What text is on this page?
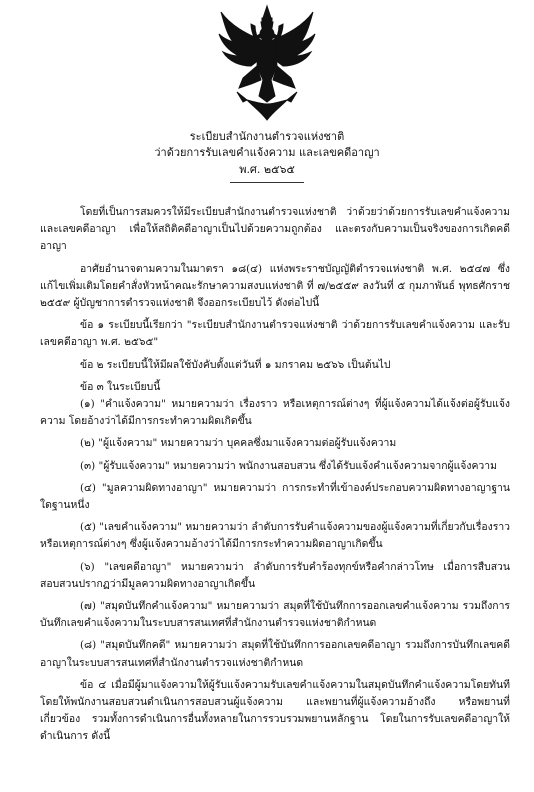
ระเบียบสำนักงานตำรวจแห่งชาติ
ว่าด้วยการรับเลขคำแจ้งความ และเลขคดีอาญา
พ.ศ. ๒๕๖๕

โดยที่เป็นการสมควรให้มีระเบียบสำนักงานตำรวจแห่งชาติ ว่าด้วยว่าด้วยการรับเลขคำแจ้งความ และเลขคดีอาญา เพื่อให้สถิติคดีอาญาเป็นไปด้วยความถูกต้อง และตรงกับความเป็นจริงของการเกิดคดีอาญา

อาศัยอำนาจตามความในมาตรา ๑๘(๔) แห่งพระราชบัญญัติตำรวจแห่งชาติ พ.ศ. ๒๕๔๗ ซึ่งแก้ไขเพิ่มเติมโดยคำสั่งหัวหน้าคณะรักษาความสงบแห่งชาติ ที่ ๗/๒๕๕๙ ลงวันที่ ๕ กุมภาพันธ์ พุทธศักราช ๒๕๕๙ ผู้บัญชาการตำรวจแห่งชาติ จึงออกระเบียบไว้ ดังต่อไปนี้

ข้อ ๑ ระเบียบนี้เรียกว่า "ระเบียบสำนักงานตำรวจแห่งชาติ ว่าด้วยการรับเลขคำแจ้งความ และรับเลขคดีอาญา พ.ศ. ๒๕๖๕"

ข้อ ๒ ระเบียบนี้ให้มีผลใช้บังคับตั้งแต่วันที่ ๑ มกราคม ๒๕๖๖ เป็นต้นไป

ข้อ ๓ ในระเบียบนี้

(๑) "คำแจ้งความ" หมายความว่า เรื่องราว หรือเหตุการณ์ต่างๆ ที่ผู้แจ้งความได้แจ้งต่อผู้รับแจ้งความ โดยอ้างว่าได้มีการกระทำความผิดเกิดขึ้น

(๒) "ผู้แจ้งความ" หมายความว่า บุคคลซึ่งมาแจ้งความต่อผู้รับแจ้งความ

(๓) "ผู้รับแจ้งความ" หมายความว่า พนักงานสอบสวน ซึ่งได้รับแจ้งคำแจ้งความจากผู้แจ้งความ

(๔) "มูลความผิดทางอาญา" หมายความว่า การกระทำที่เข้าองค์ประกอบความผิดทางอาญาฐานใดฐานหนึ่ง

(๕) "เลขคำแจ้งความ" หมายความว่า ลำดับการรับคำแจ้งความของผู้แจ้งความที่เกี่ยวกับเรื่องราว หรือเหตุการณ์ต่างๆ ซึ่งผู้แจ้งความอ้างว่าได้มีการกระทำความผิดอาญาเกิดขึ้น

(๖) "เลขคดีอาญา" หมายความว่า ลำดับการรับคำร้องทุกข์หรือคำกล่าวโทษ เมื่อการสืบสวนสอบสวนปรากฏว่ามีมูลความผิดทางอาญาเกิดขึ้น

(๗) "สมุดบันทึกคำแจ้งความ" หมายความว่า สมุดที่ใช้บันทึกการออกเลขคำแจ้งความ รวมถึงการบันทึกเลขคำแจ้งความในระบบสารสนเทศที่สำนักงานตำรวจแห่งชาติกำหนด

(๘) "สมุดบันทึกคดี" หมายความว่า สมุดที่ใช้บันทึกการออกเลขคดีอาญา รวมถึงการบันทึกเลขคดีอาญาในระบบสารสนเทศที่สำนักงานตำรวจแห่งชาติกำหนด

ข้อ ๔ เมื่อมีผู้มาแจ้งความให้ผู้รับแจ้งความรับเลขคำแจ้งความในสมุดบันทึกคำแจ้งความโดยทันที โดยให้พนักงานสอบสวนดำเนินการสอบสวนผู้แจ้งความ และพยานที่ผู้แจ้งความอ้างถึง หรือพยานที่เกี่ยวข้อง รวมทั้งการดำเนินการอื่นทั้งหลายในการรวบรวมพยานหลักฐาน โดยในการรับเลขคดีอาญาให้ดำเนินการ ดังนี้
